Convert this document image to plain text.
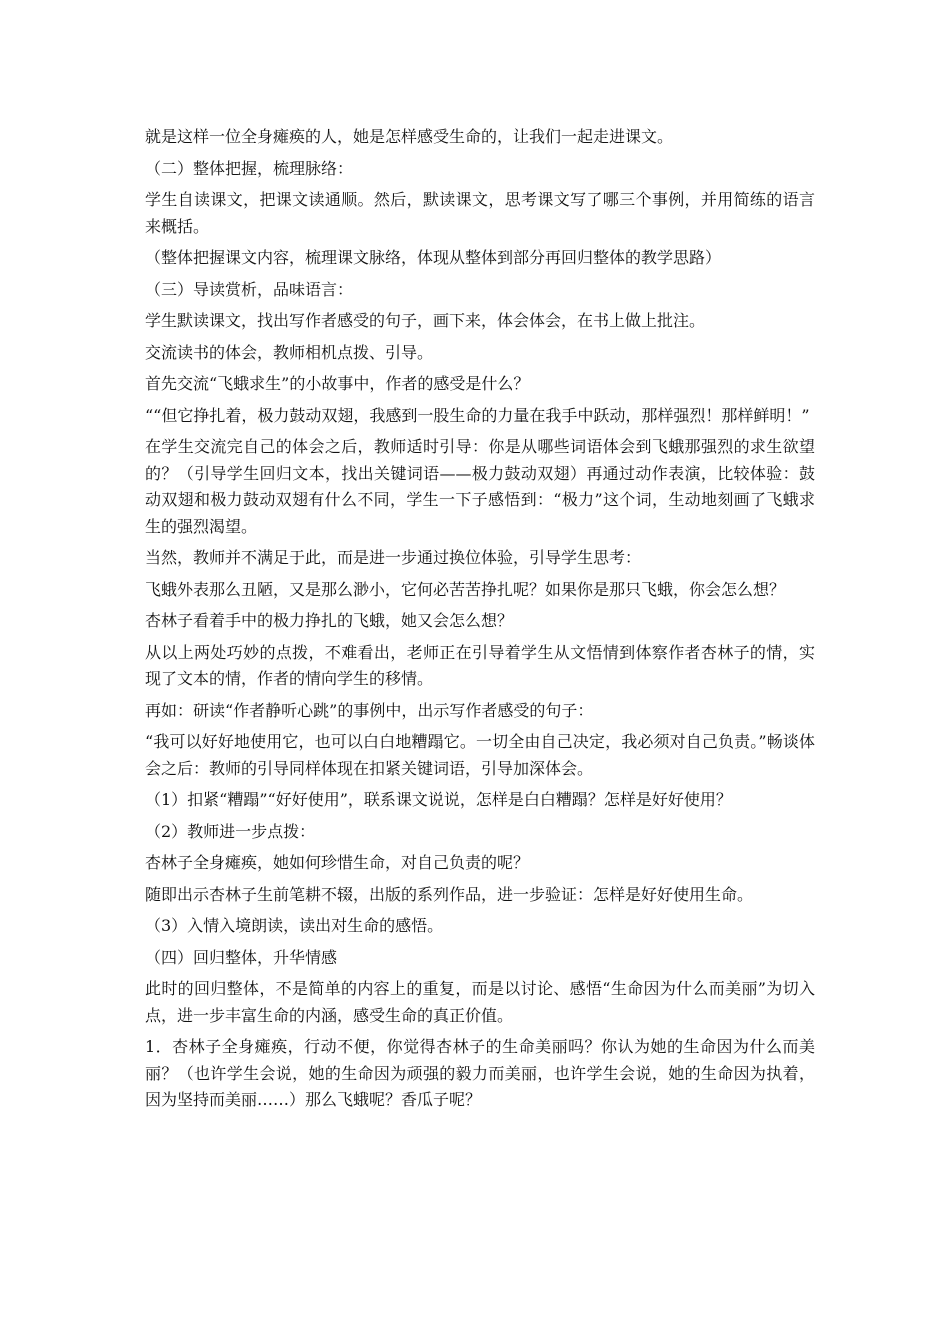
就是这样一位全身瘫痪的人，她是怎样感受生命的，让我们一起走进课文。

（二）整体把握，梳理脉络：

学生自读课文，把课文读通顺。然后，默读课文，思考课文写了哪三个事例，并用简练的语言来概括。

（整体把握课文内容，梳理课文脉络，体现从整体到部分再回归整体的教学思路）

（三）导读赏析，品味语言：

学生默读课文，找出写作者感受的句子，画下来，体会体会，在书上做上批注。

交流读书的体会，教师相机点拨、引导。

首先交流“飞蛾求生”的小故事中，作者的感受是什么？

““但它挣扎着，极力鼓动双翅，我感到一股生命的力量在我手中跃动，那样强烈！那样鲜明！”

在学生交流完自己的体会之后，教师适时引导：你是从哪些词语体会到飞蛾那强烈的求生欲望的？（引导学生回归文本，找出关键词语——极力鼓动双翅）再通过动作表演，比较体验：鼓动双翅和极力鼓动双翅有什么不同，学生一下子感悟到：“极力”这个词，生动地刻画了飞蛾求生的强烈渴望。

当然，教师并不满足于此，而是进一步通过换位体验，引导学生思考：

飞蛾外表那么丑陋，又是那么渺小，它何必苦苦挣扎呢？如果你是那只飞蛾，你会怎么想？

杏林子看着手中的极力挣扎的飞蛾，她又会怎么想？

从以上两处巧妙的点拨，不难看出，老师正在引导着学生从文悟情到体察作者杏林子的情，实现了文本的情，作者的情向学生的移情。

再如：研读“作者静听心跳”的事例中，出示写作者感受的句子：

“我可以好好地使用它，也可以白白地糟蹋它。一切全由自己决定，我必须对自己负责。”畅谈体会之后：教师的引导同样体现在扣紧关键词语，引导加深体会。

（1）扣紧“糟蹋”“好好使用”，联系课文说说，怎样是白白糟蹋？怎样是好好使用？

（2）教师进一步点拨：

杏林子全身瘫痪，她如何珍惜生命，对自己负责的呢？

随即出示杏林子生前笔耕不辍，出版的系列作品，进一步验证：怎样是好好使用生命。

（3）入情入境朗读，读出对生命的感悟。

（四）回归整体，升华情感

此时的回归整体，不是简单的内容上的重复，而是以讨论、感悟“生命因为什么而美丽”为切入点，进一步丰富生命的内涵，感受生命的真正价值。

1．杏林子全身瘫痪，行动不便，你觉得杏林子的生命美丽吗？你认为她的生命因为什么而美丽？（也许学生会说，她的生命因为顽强的毅力而美丽，也许学生会说，她的生命因为执着，因为坚持而美丽……）那么飞蛾呢？香瓜子呢？
